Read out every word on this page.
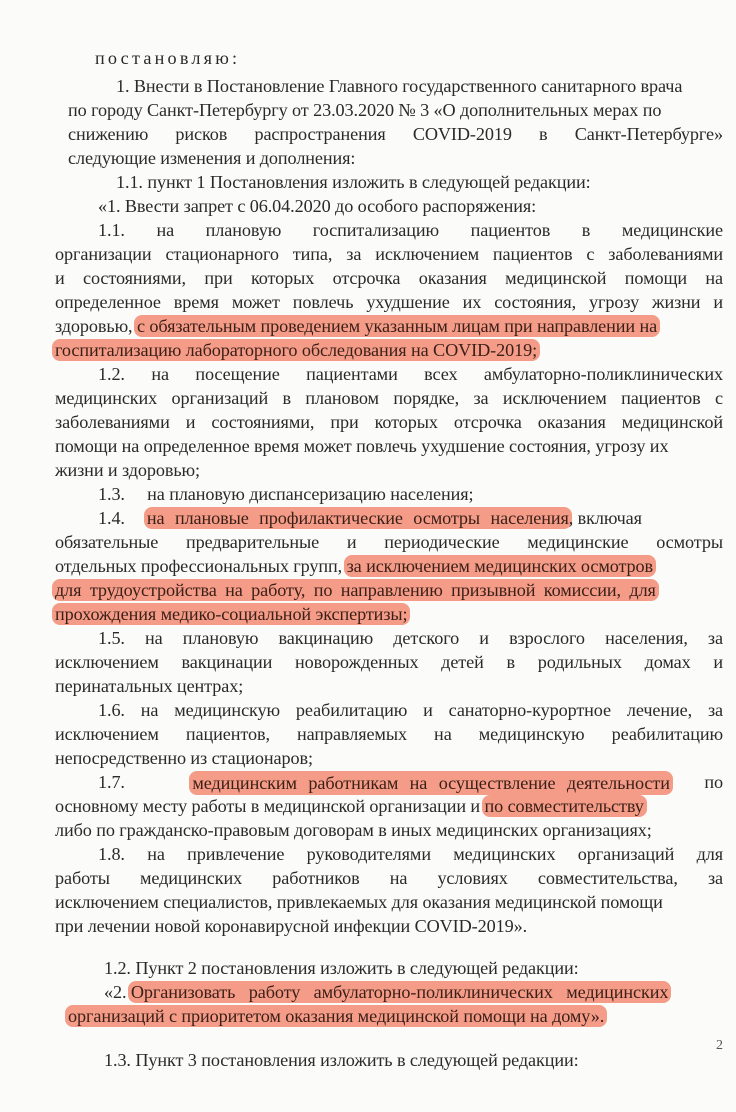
постановляю:
1. Внести в Постановление Главного государственного санитарного врача
по городу Санкт-Петербургу от 23.03.2020 № 3 «О дополнительных мерах по
снижению рисков распространения COVID-2019 в Санкт-Петербурге»
следующие изменения и дополнения:
1.1. пункт 1 Постановления изложить в следующей редакции:
«1. Ввести запрет с 06.04.2020 до особого распоряжения:
1.1. на плановую госпитализацию пациентов в медицинские
организации стационарного типа, за исключением пациентов с заболеваниями
и состояниями, при которых отсрочка оказания медицинской помощи на
определенное время может повлечь ухудшение их состояния, угрозу жизни и
здоровью, с обязательным проведением указанным лицам при направлении на
госпитализацию лабораторного обследования на COVID-2019;
1.2. на посещение пациентами всех амбулаторно-поликлинических
медицинских организаций в плановом порядке, за исключением пациентов с
заболеваниями и состояниями, при которых отсрочка оказания медицинской
помощи на определенное время может повлечь ухудшение состояния, угрозу их
жизни и здоровью;
1.3. на плановую диспансеризацию населения;
1.4. на плановые профилактические осмотры населения, включая
обязательные предварительные и периодические медицинские осмотры
отдельных профессиональных групп, за исключением медицинских осмотров
для трудоустройства на работу, по направлению призывной комиссии, для
прохождения медико-социальной экспертизы;
1.5. на плановую вакцинацию детского и взрослого населения, за
исключением вакцинации новорожденных детей в родильных домах и
перинатальных центрах;
1.6. на медицинскую реабилитацию и санаторно-курортное лечение, за
исключением пациентов, направляемых на медицинскую реабилитацию
непосредственно из стационаров;
1.7.	медицинским работникам на осуществление деятельности по
основному месту работы в медицинской организации и по совместительству
либо по гражданско-правовым договорам в иных медицинских организациях;
1.8. на привлечение руководителями медицинских организаций для
работы медицинских работников на условиях совместительства, за
исключением специалистов, привлекаемых для оказания медицинской помощи
при лечении новой коронавирусной инфекции COVID-2019».
1.2. Пункт 2 постановления изложить в следующей редакции:
«2. Организовать работу амбулаторно-поликлинических медицинских
организаций с приоритетом оказания медицинской помощи на дому».
1.3. Пункт 3 постановления изложить в следующей редакции:
2
